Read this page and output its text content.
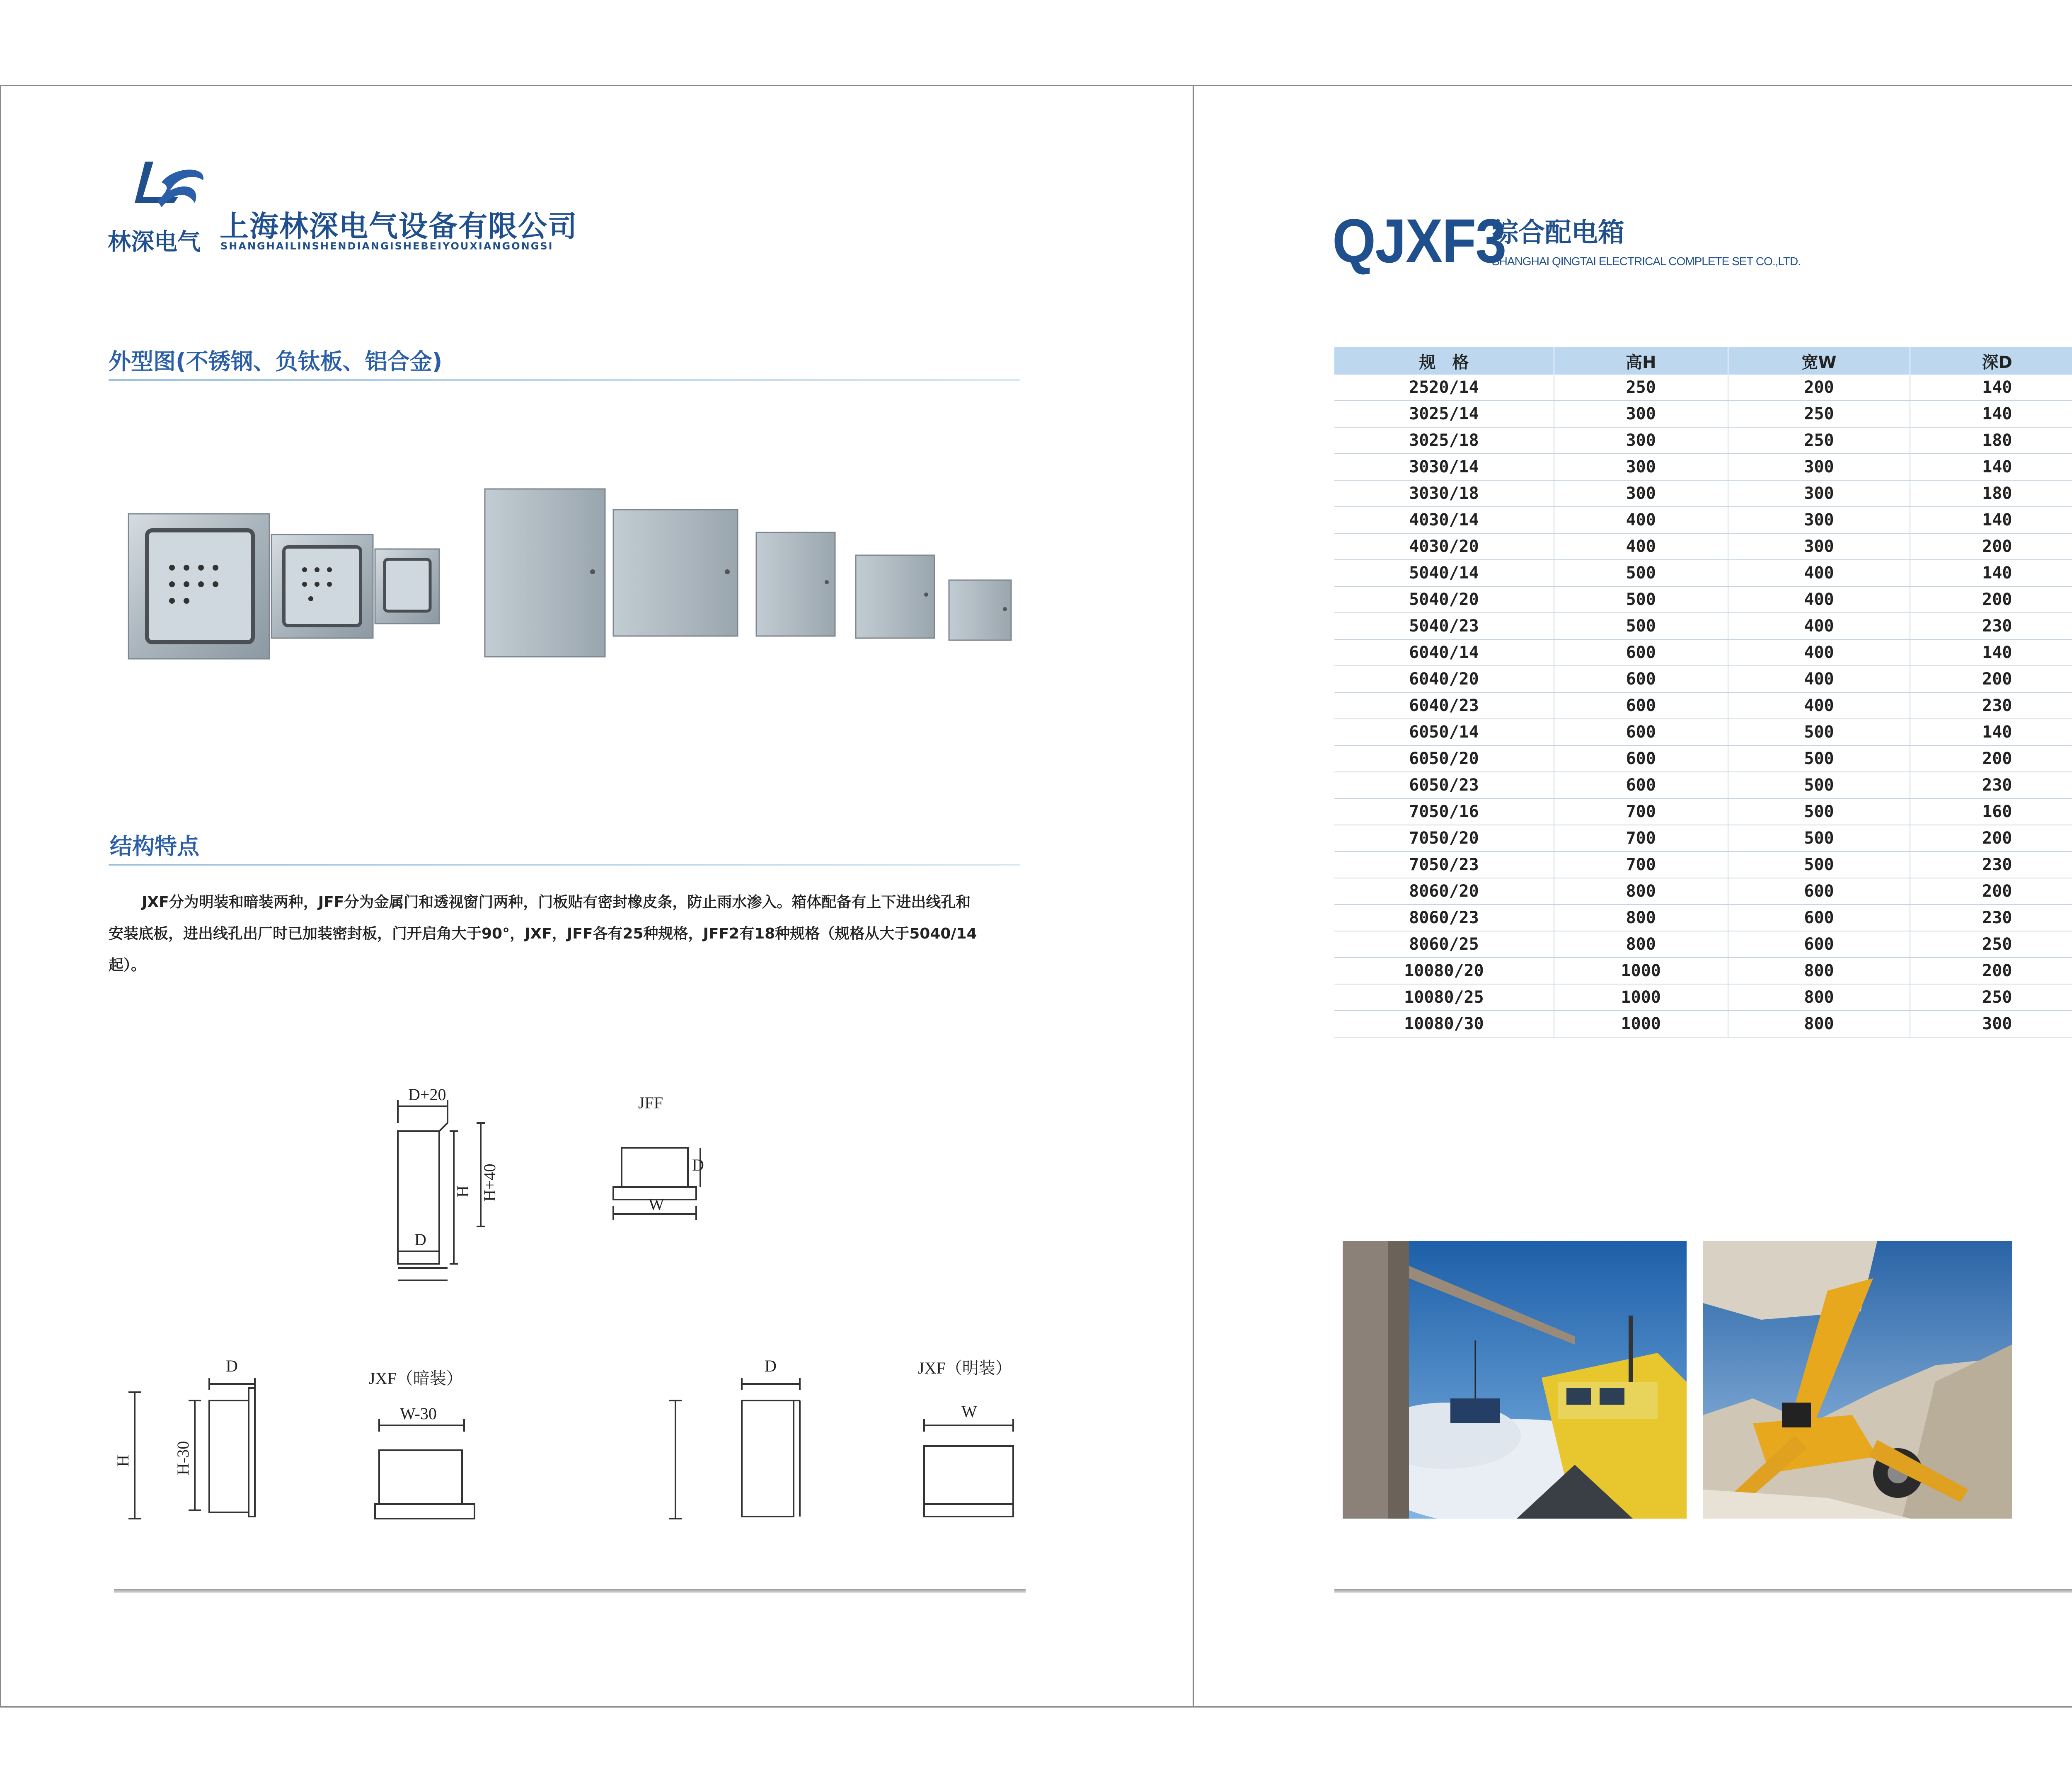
林深电气 上海林深电气设备有限公司
SHANGHAILINSHENDIANGISHEBEIYOUXIANGONGSI
外型图(不锈钢、负钛板、铝合金)
结构特点
JXF分为明装和暗装两种，JFF分为金属门和透视窗门两种，门板贴有密封橡皮条，防止雨水渗入。箱体配备有上下进出线孔和安装底板，进出线孔出厂时已加装密封板，门开启角大于90°，JXF，JFF各有25种规格，JFF2有18种规格（规格从大于5040/14起）。
D+20
H H+40
D
JFF
D
W
H	H-30
D
JXF（暗装）
W-30
D	JXF（明装）
W
QJXF3
综合配电箱
SHANGHAI QINGTAI ELECTRICAL COMPLETE SET CO.,LTD.
规　格	高H	宽W	深D	
2520/14	250	200	140	
3025/14	300	250	140	
3025/18	300	250	180	
3030/14	300	300	140	
3030/18	300	300	180	
4030/14	400	300	140	
4030/20	400	300	200	
5040/14	500	400	140	
5040/20	500	400	200	
5040/23	500	400	230	
6040/14	600	400	140	
6040/20	600	400	200	
6040/23	600	400	230	
6050/14	600	500	140	
6050/20	600	500	200	
6050/23	600	500	230	
7050/16	700	500	160	
7050/20	700	500	200	
7050/23	700	500	230	
8060/20	800	600	200	
8060/23	800	600	230	
8060/25	800	600	250	
10080/20	1000	800	200	
10080/25	1000	800	250	
10080/30	1000	800	300	
